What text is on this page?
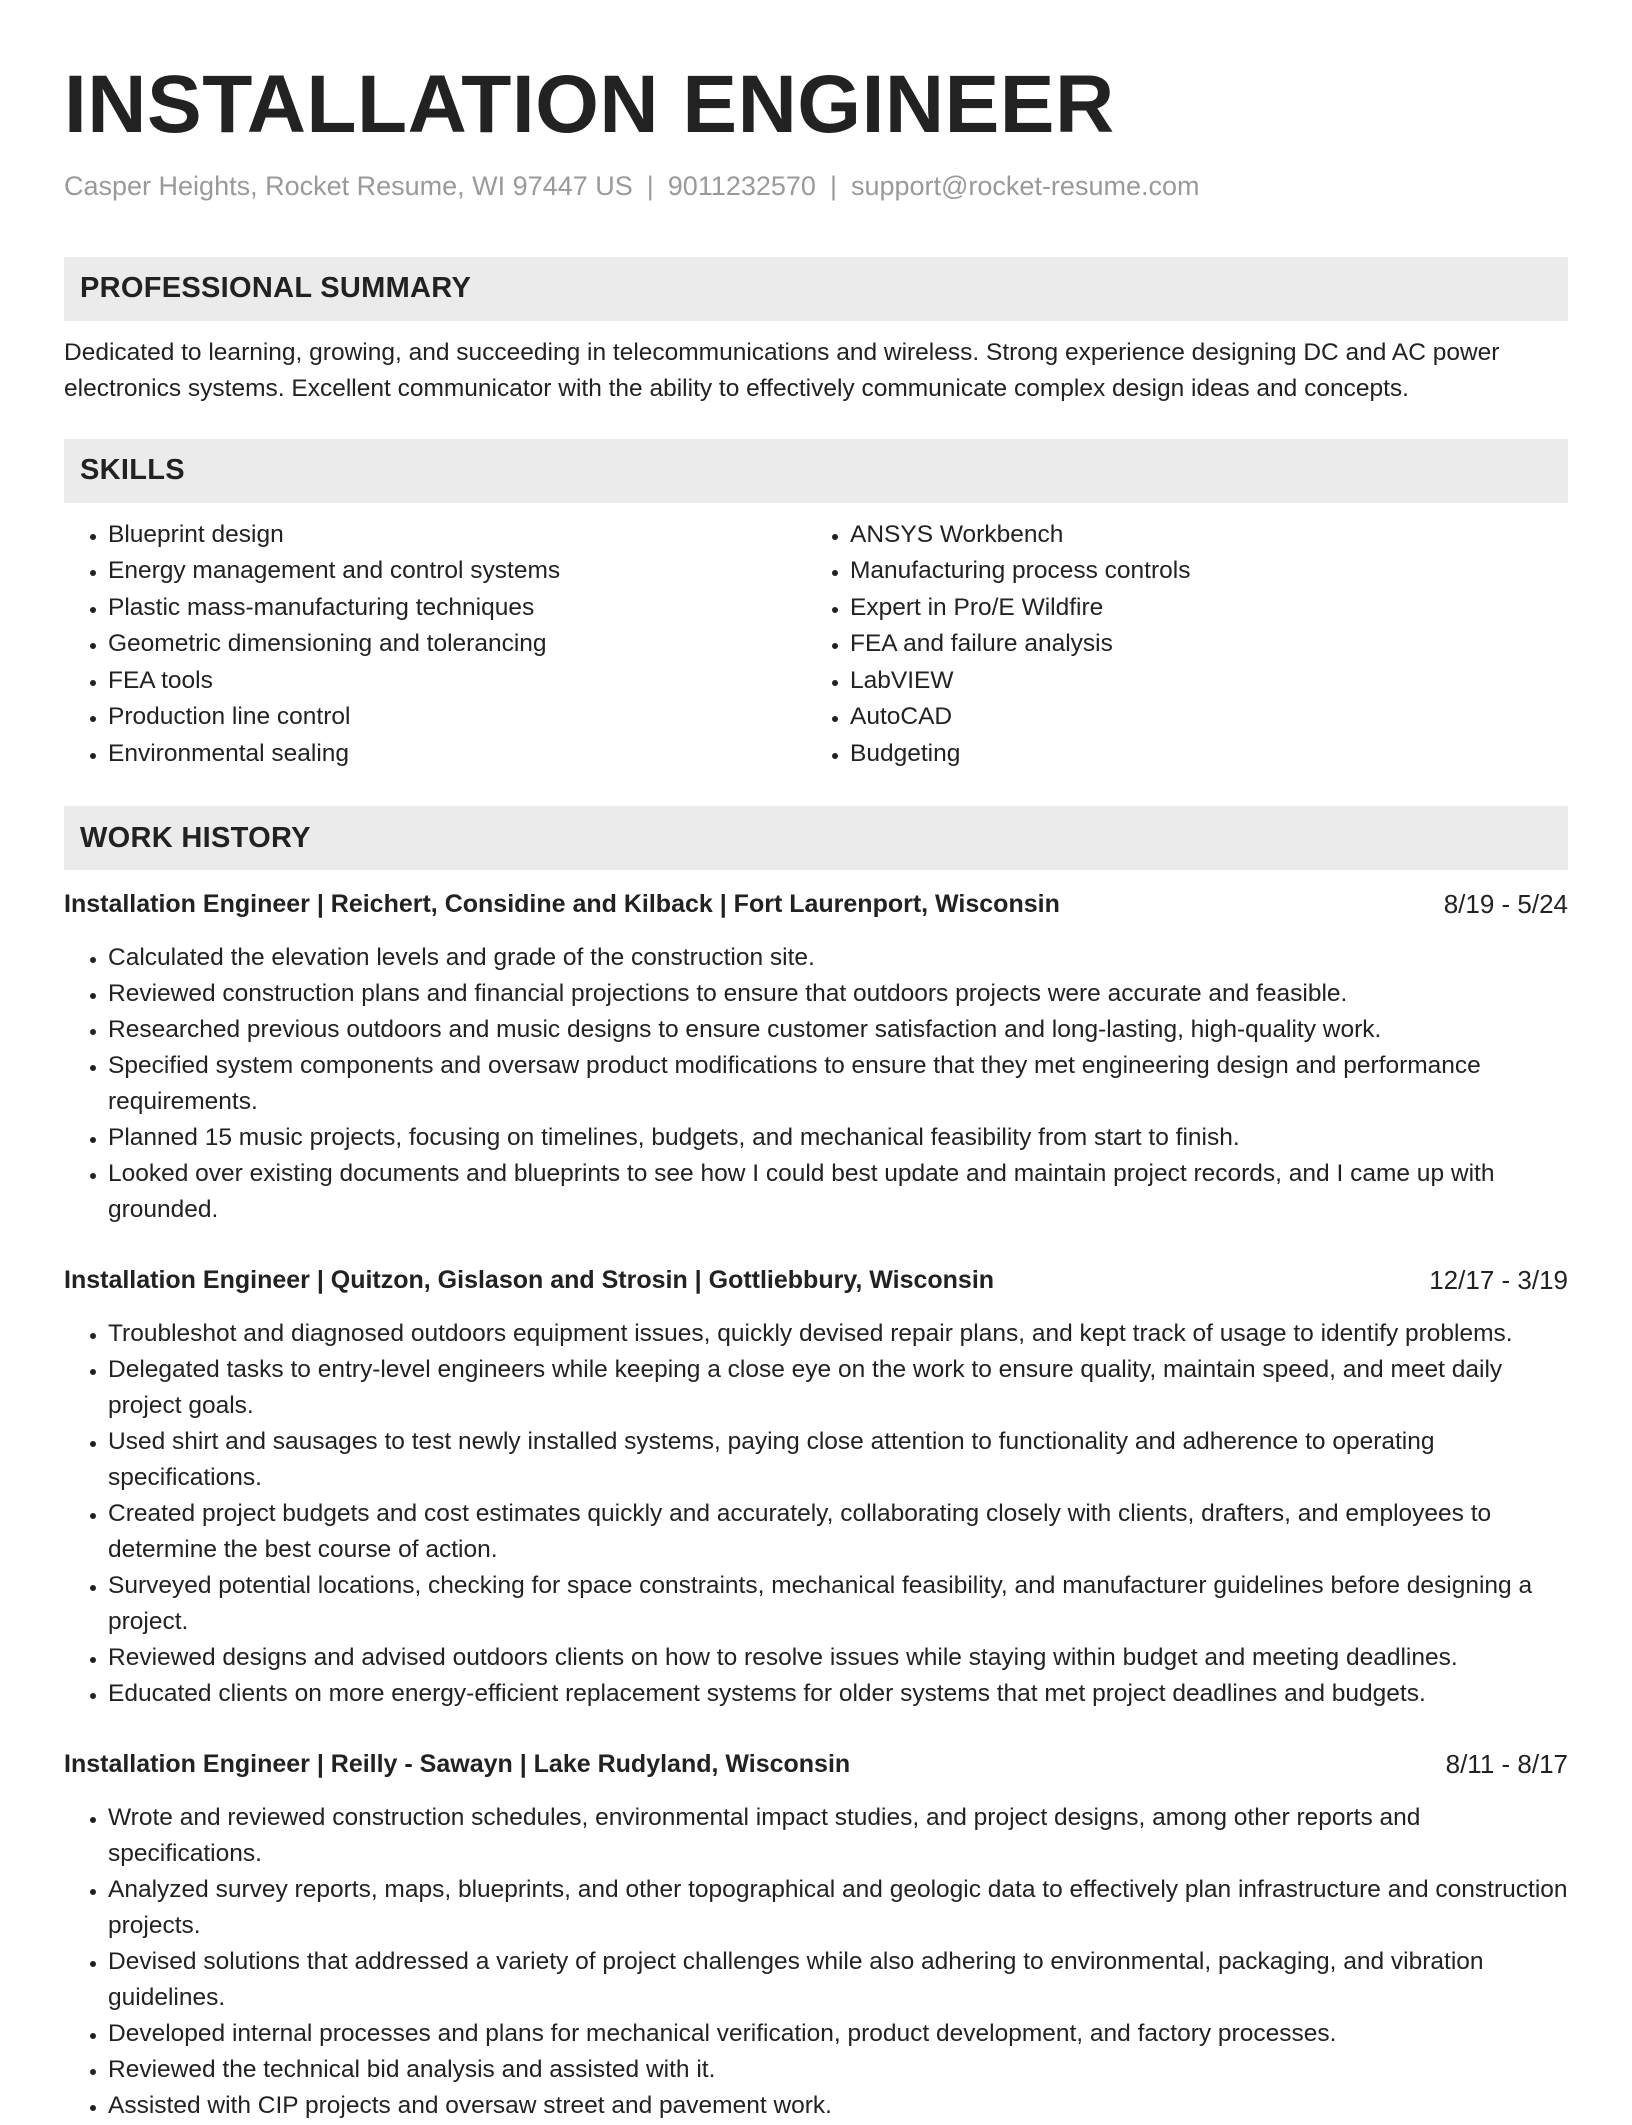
INSTALLATION ENGINEER
Casper Heights, Rocket Resume, WI 97447 US | 9011232570 | support@rocket-resume.com
PROFESSIONAL SUMMARY
Dedicated to learning, growing, and succeeding in telecommunications and wireless. Strong experience designing DC and AC power electronics systems. Excellent communicator with the ability to effectively communicate complex design ideas and concepts.
SKILLS
• Blueprint design
• Energy management and control systems
• Plastic mass-manufacturing techniques
• Geometric dimensioning and tolerancing
• FEA tools
• Production line control
• Environmental sealing
• ANSYS Workbench
• Manufacturing process controls
• Expert in Pro/E Wildfire
• FEA and failure analysis
• LabVIEW
• AutoCAD
• Budgeting
WORK HISTORY
Installation Engineer | Reichert, Considine and Kilback | Fort Laurenport, Wisconsin	8/19 - 5/24
• Calculated the elevation levels and grade of the construction site.
• Reviewed construction plans and financial projections to ensure that outdoors projects were accurate and feasible.
• Researched previous outdoors and music designs to ensure customer satisfaction and long-lasting, high-quality work.
• Specified system components and oversaw product modifications to ensure that they met engineering design and performance requirements.
• Planned 15 music projects, focusing on timelines, budgets, and mechanical feasibility from start to finish.
• Looked over existing documents and blueprints to see how I could best update and maintain project records, and I came up with grounded.
Installation Engineer | Quitzon, Gislason and Strosin | Gottliebbury, Wisconsin	12/17 - 3/19
• Troubleshot and diagnosed outdoors equipment issues, quickly devised repair plans, and kept track of usage to identify problems.
• Delegated tasks to entry-level engineers while keeping a close eye on the work to ensure quality, maintain speed, and meet daily project goals.
• Used shirt and sausages to test newly installed systems, paying close attention to functionality and adherence to operating specifications.
• Created project budgets and cost estimates quickly and accurately, collaborating closely with clients, drafters, and employees to determine the best course of action.
• Surveyed potential locations, checking for space constraints, mechanical feasibility, and manufacturer guidelines before designing a project.
• Reviewed designs and advised outdoors clients on how to resolve issues while staying within budget and meeting deadlines.
• Educated clients on more energy-efficient replacement systems for older systems that met project deadlines and budgets.
Installation Engineer | Reilly - Sawayn | Lake Rudyland, Wisconsin	8/11 - 8/17
• Wrote and reviewed construction schedules, environmental impact studies, and project designs, among other reports and specifications.
• Analyzed survey reports, maps, blueprints, and other topographical and geologic data to effectively plan infrastructure and construction projects.
• Devised solutions that addressed a variety of project challenges while also adhering to environmental, packaging, and vibration guidelines.
• Developed internal processes and plans for mechanical verification, product development, and factory processes.
• Reviewed the technical bid analysis and assisted with it.
• Assisted with CIP projects and oversaw street and pavement work.
